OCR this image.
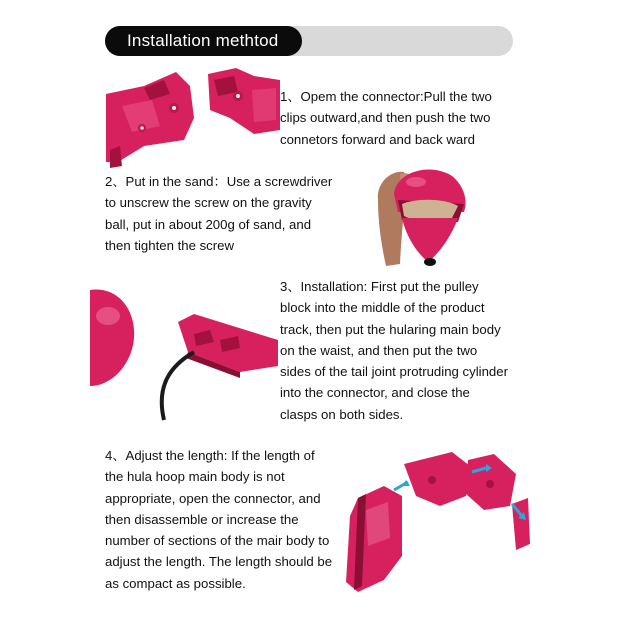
Installation methtod

1、Opem the connector:Pull the two

clips outward,and then push the two

connetors forward and back ward

2、Put in the sand：Use a screwdriver

to unscrew the screw on the gravity

ball, put in about 200g of sand, and

then tighten the screw

3、Installation: First put the pulley

block into the middle of the product

track, then put the hularing main body

on the waist, and then put the two

sides of the tail joint protruding cylinder

into the connector, and close the

clasps on both sides.

4、Adjust the length: If the length of

the hula hoop main body is not

appropriate, open the connector, and

then disassemble or increase the

number of sections of the mair body to

adjust the length. The length should be

as compact as possible.
